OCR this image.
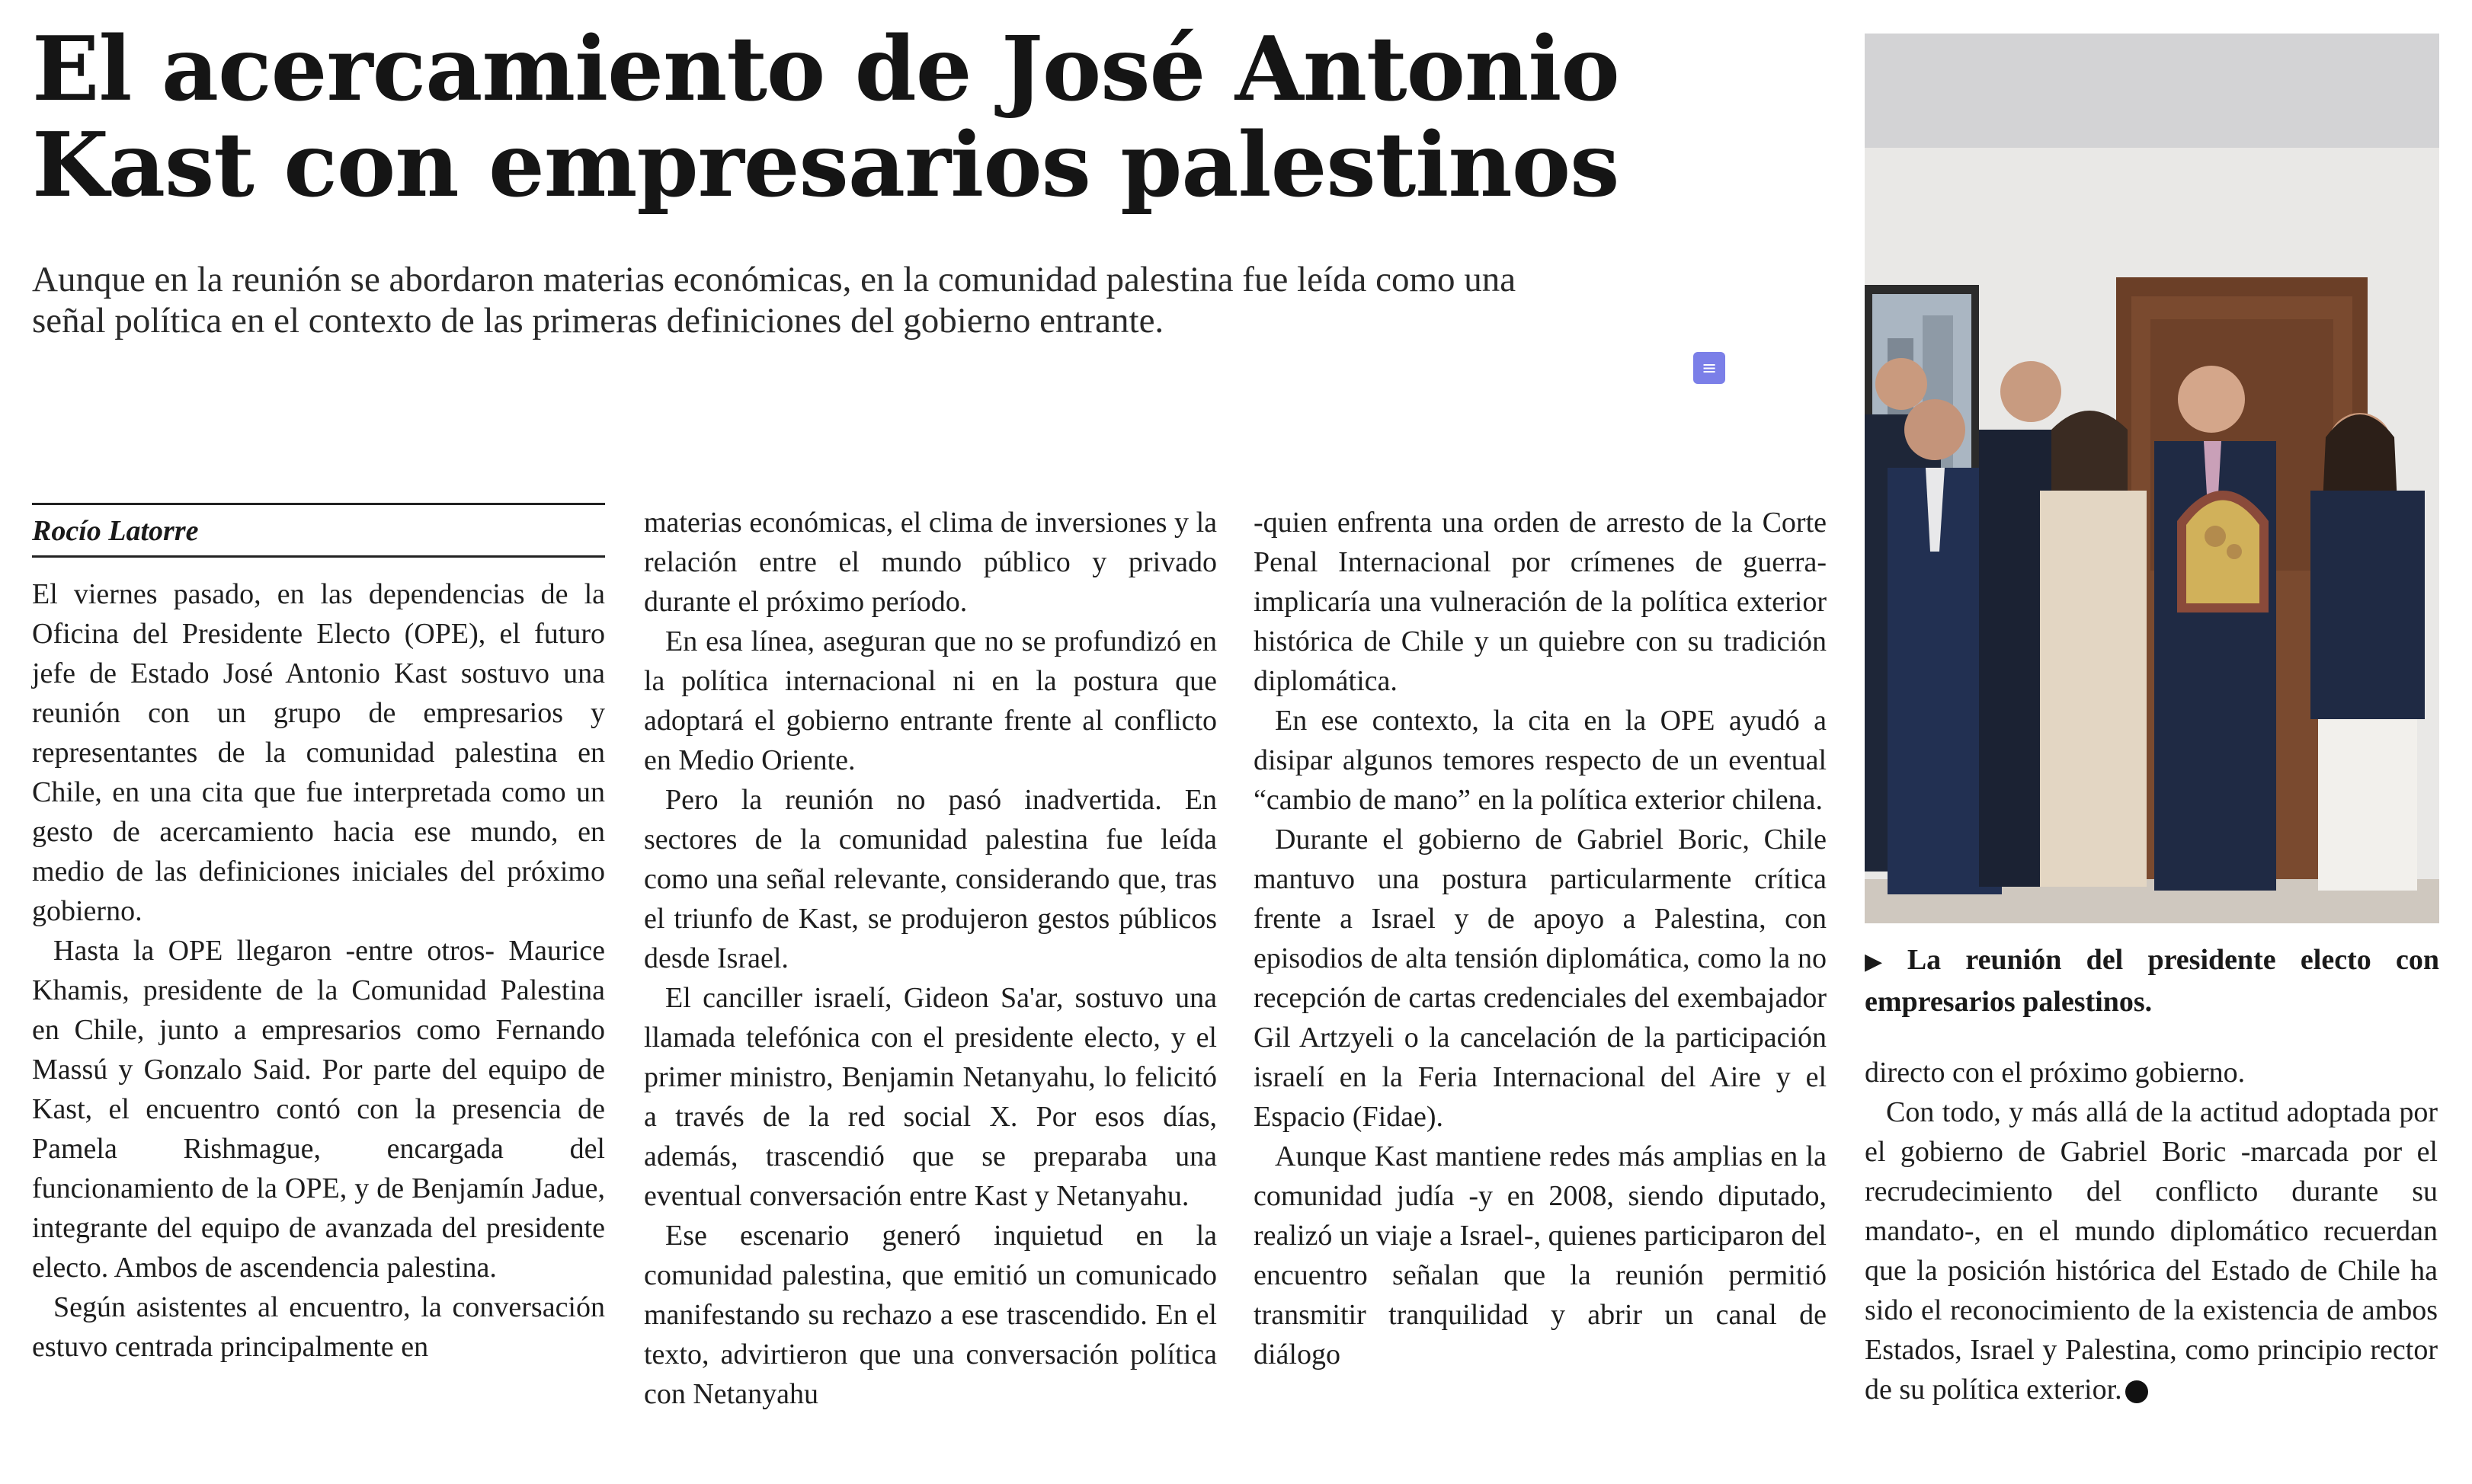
El acercamiento de José Antonio Kast con empresarios palestinos

Aunque en la reunión se abordaron materias económicas, en la comunidad palestina fue leída como una señal política en el contexto de las primeras definiciones del gobierno entrante.

≡
Rocío Latorre

El viernes pasado, en las dependencias de la Oficina del Presidente Electo (OPE), el futuro jefe de Estado José Antonio Kast sostuvo una reunión con un grupo de empresarios y representantes de la comunidad palestina en Chile, en una cita que fue interpretada como un gesto de acercamiento hacia ese mundo, en medio de las definiciones iniciales del próximo gobierno.

Hasta la OPE llegaron -entre otros- Maurice Khamis, presidente de la Comunidad Palestina en Chile, junto a empresarios como Fernando Massú y Gonzalo Said. Por parte del equipo de Kast, el encuentro contó con la presencia de Pamela Rishmague, encargada del funcionamiento de la OPE, y de Benjamín Jadue, integrante del equipo de avanzada del presidente electo. Ambos de ascendencia palestina.

Según asistentes al encuentro, la conversación estuvo centrada principalmente en

materias económicas, el clima de inversiones y la relación entre el mundo público y privado durante el próximo período.

En esa línea, aseguran que no se profundizó en la política internacional ni en la postura que adoptará el gobierno entrante frente al conflicto en Medio Oriente.

Pero la reunión no pasó inadvertida. En sectores de la comunidad palestina fue leída como una señal relevante, considerando que, tras el triunfo de Kast, se produjeron gestos públicos desde Israel.

El canciller israelí, Gideon Sa'ar, sostuvo una llamada telefónica con el presidente electo, y el primer ministro, Benjamin Netanyahu, lo felicitó a través de la red social X. Por esos días, además, trascendió que se preparaba una eventual conversación entre Kast y Netanyahu.

Ese escenario generó inquietud en la comunidad palestina, que emitió un comunicado manifestando su rechazo a ese trascendido. En el texto, advirtieron que una conversación política con Netanyahu

-quien enfrenta una orden de arresto de la Corte Penal Internacional por crímenes de guerra- implicaría una vulneración de la política exterior histórica de Chile y un quiebre con su tradición diplomática.

En ese contexto, la cita en la OPE ayudó a disipar algunos temores respecto de un eventual “cambio de mano” en la política exterior chilena.

Durante el gobierno de Gabriel Boric, Chile mantuvo una postura particularmente crítica frente a Israel y de apoyo a Palestina, con episodios de alta tensión diplomática, como la no recepción de cartas credenciales del exembajador Gil Artzyeli o la cancelación de la participación israelí en la Feria Internacional del Aire y el Espacio (Fidae).

Aunque Kast mantiene redes más amplias en la comunidad judía -y en 2008, siendo diputado, realizó un viaje a Israel-, quienes participaron del encuentro señalan que la reunión permitió transmitir tranquilidad y abrir un canal de diálogo

▶ La reunión del presidente electo con empresarios palestinos.

directo con el próximo gobierno.

Con todo, y más allá de la actitud adoptada por el gobierno de Gabriel Boric -marcada por el recrudecimiento del conflicto durante su mandato-, en el mundo diplomático recuerdan que la posición histórica del Estado de Chile ha sido el reconocimiento de la existencia de ambos Estados, Israel y Palestina, como principio rector de su política exterior.
